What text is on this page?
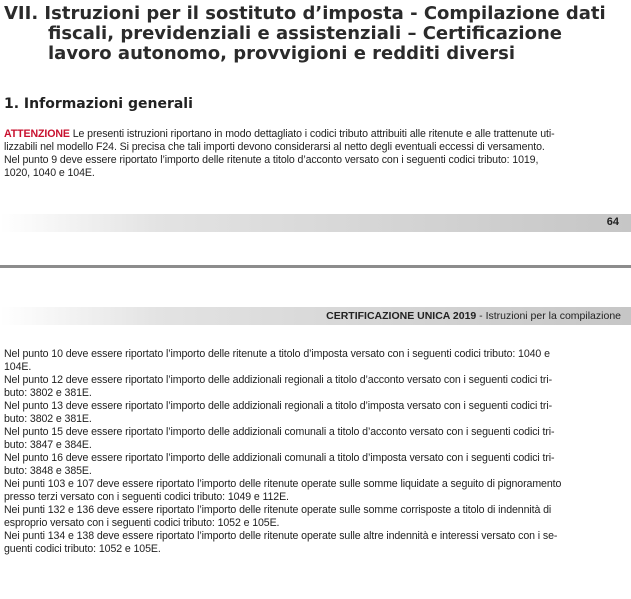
VII. Istruzioni per il sostituto d’imposta - Compilazione dati
fiscali, previdenziali e assistenziali – Certificazione
lavoro autonomo, provvigioni e redditi diversi
1. Informazioni generali
ATTENZIONE Le presenti istruzioni riportano in modo dettagliato i codici tributo attribuiti alle ritenute e alle trattenute uti-
lizzabili nel modello F24. Si precisa che tali importi devono considerarsi al netto degli eventuali eccessi di versamento.
Nel punto 9 deve essere riportato l’importo delle ritenute a titolo d’acconto versato con i seguenti codici tributo: 1019,
1020, 1040 e 104E.
64
CERTIFICAZIONE UNICA 2019 - Istruzioni per la compilazione
Nel punto 10 deve essere riportato l’importo delle ritenute a titolo d’imposta versato con i seguenti codici tributo: 1040 e
104E.
Nel punto 12 deve essere riportato l’importo delle addizionali regionali a titolo d’acconto versato con i seguenti codici tri-
buto: 3802 e 381E.
Nel punto 13 deve essere riportato l’importo delle addizionali regionali a titolo d’imposta versato con i seguenti codici tri-
buto: 3802 e 381E.
Nel punto 15 deve essere riportato l’importo delle addizionali comunali a titolo d’acconto versato con i seguenti codici tri-
buto: 3847 e 384E.
Nel punto 16 deve essere riportato l’importo delle addizionali comunali a titolo d’imposta versato con i seguenti codici tri-
buto: 3848 e 385E.
Nei punti 103 e 107 deve essere riportato l’importo delle ritenute operate sulle somme liquidate a seguito di pignoramento
presso terzi versato con i seguenti codici tributo: 1049 e 112E.
Nei punti 132 e 136 deve essere riportato l’importo delle ritenute operate sulle somme corrisposte a titolo di indennità di
esproprio versato con i seguenti codici tributo: 1052 e 105E.
Nei punti 134 e 138 deve essere riportato l’importo delle ritenute operate sulle altre indennità e interessi versato con i se-
guenti codici tributo: 1052 e 105E.
